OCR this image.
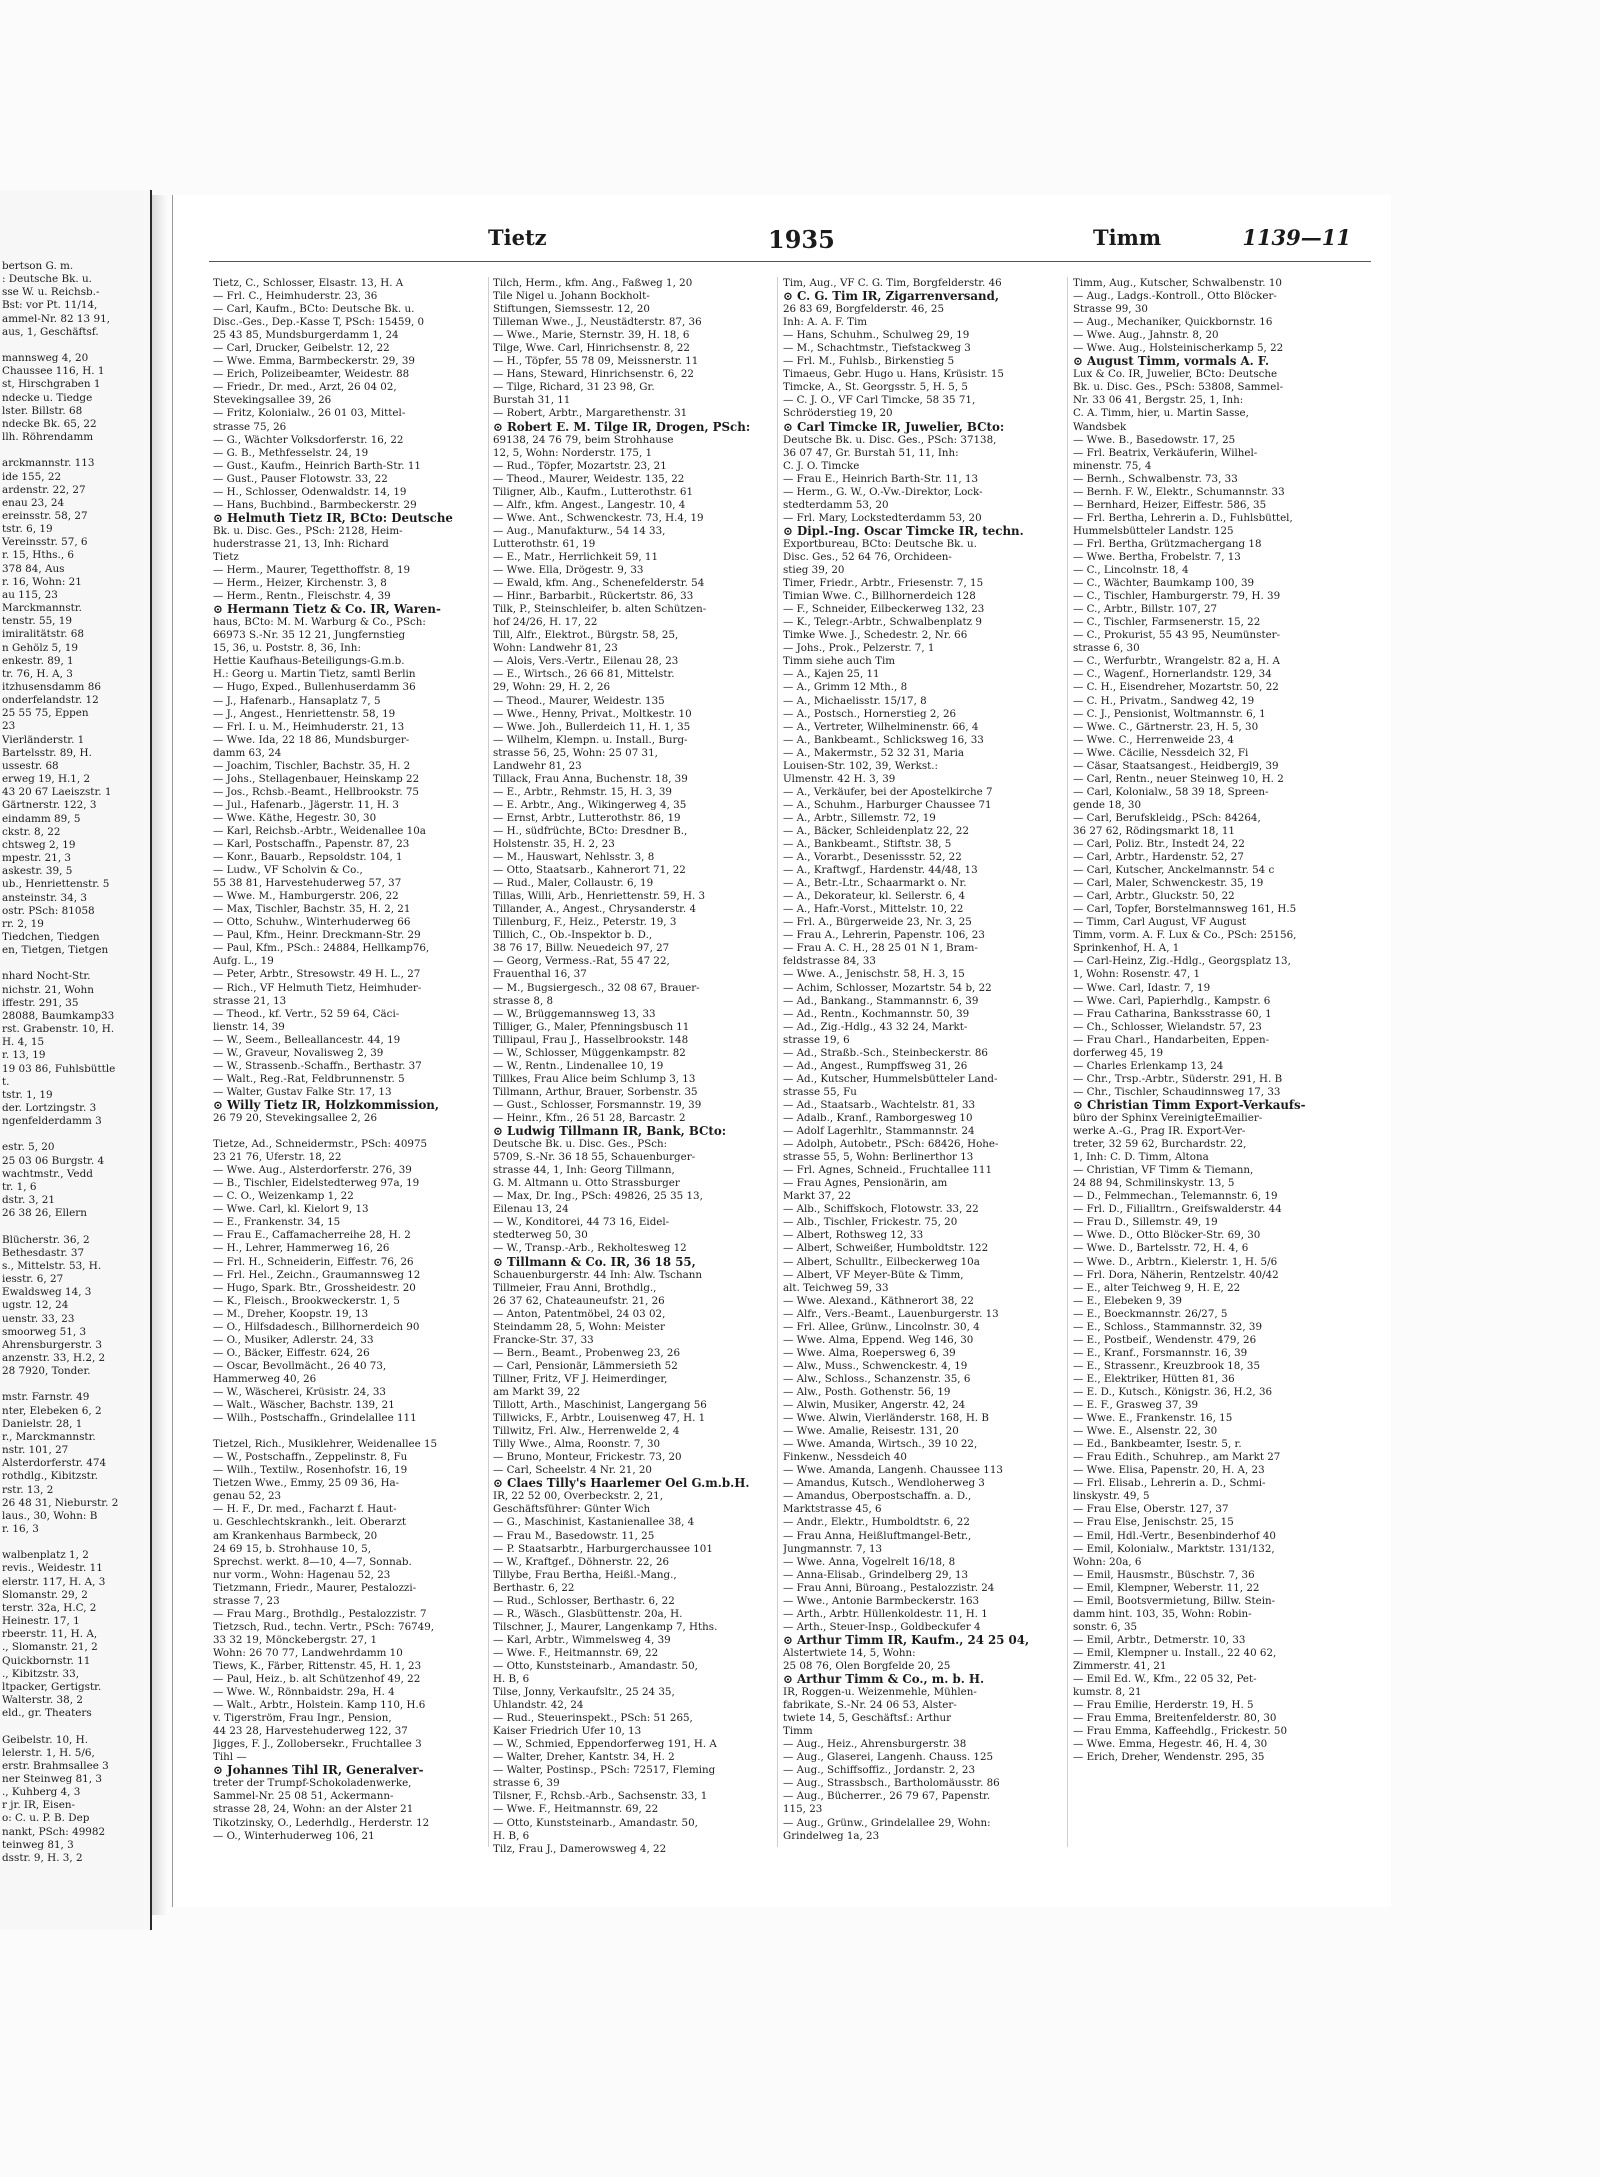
bertson G. m.
: Deutsche Bk. u.
sse W. u. Reichsb.-
Bst: vor Pt. 11/14,
ammel-Nr. 82 13 91,
aus, 1, Geschäftsf.

mannsweg 4, 20
Chaussee 116, H. 1
st, Hirschgraben 1
ndecke u. Tiedge
lster. Billstr. 68
ndecke Bk. 65, 22
llh. Röhrendamm

arckmannstr. 113
ide 155, 22
ardenstr. 22, 27
enau 23, 24
ereinsstr. 58, 27
tstr. 6, 19
Vereinsstr. 57, 6
r. 15, Hths., 6
378 84, Aus
r. 16, Wohn: 21
au 115, 23
Marckmannstr.
tenstr. 55, 19
imiralitätstr. 68
n Gehölz 5, 19
enkestr. 89, 1
tr. 76, H. A, 3
itzhusensdamm 86
onderfelandstr. 12
25 55 75, Eppen
23
Vierländerstr. 1
Bartelsstr. 89, H.
ussestr. 68
erweg 19, H.1, 2
43 20 67 Laeiszstr. 1
Gärtnerstr. 122, 3
eindamm 89, 5
ckstr. 8, 22
chtsweg 2, 19
mpestr. 21, 3
askestr. 39, 5
ub., Henriettenstr. 5
ansteinstr. 34, 3
ostr. PSch: 81058
rr. 2, 19
Tiedchen, Tiedgen
en, Tietgen, Tietgen

nhard Nocht-Str.
nichstr. 21, Wohn
iffestr. 291, 35
28088, Baumkamp33
rst. Grabenstr. 10, H.
H. 4, 15
r. 13, 19
19 03 86, Fuhlsbüttle
t.
tstr. 1, 19
der. Lortzingstr. 3
ngenfelderdamm 3

estr. 5, 20
25 03 06 Burgstr. 4
wachtmstr., Vedd
tr. 1, 6
dstr. 3, 21
26 38 26, Ellern

Blücherstr. 36, 2
Bethesdastr. 37
s., Mittelstr. 53, H.
iesstr. 6, 27
Ewaldsweg 14, 3
ugstr. 12, 24
uenstr. 33, 23
smoorweg 51, 3
Ahrensburgerstr. 3
anzenstr. 33, H.2, 2
28 7920, Tonder.

mstr. Farnstr. 49
nter, Elebeken 6, 2
Danielstr. 28, 1
r., Marckmannstr.
nstr. 101, 27
Alsterdorferstr. 474
rothdlg., Kibitzstr.
rstr. 13, 2
26 48 31, Nieburstr. 2
laus., 30, Wohn: B
r. 16, 3

walbenplatz 1, 2
revis., Weidestr. 11
elerstr. 117, H. A, 3
Slomanstr. 29, 2
terstr. 32a, H.C, 2
Heinestr. 17, 1
rbeerstr. 11, H. A,
., Slomanstr. 21, 2
Quickbornstr. 11
., Kibitzstr. 33,
ltpacker, Gertigstr.
Walterstr. 38, 2
eld., gr. Theaters

Geibelstr. 10, H.
lelerstr. 1, H. 5/6,
erstr. Brahmsallee 3
ner Steinweg 81, 3
., Kuhberg 4, 3
r jr. IR, Eisen-
o: C. u. P. B. Dep
nankt, PSch: 49982
teinweg 81, 3
dsstr. 9, H. 3, 2
Tietz	1935	Timm	1139—11
Tietz, C., Schlosser, Elsastr. 13, H. A
— Frl. C., Heimhuderstr. 23, 36
— Carl, Kaufm., BCto: Deutsche Bk. u.
Disc.-Ges., Dep.-Kasse T, PSch: 15459, 0
25 43 85, Mundsburgerdamm 1, 24
— Carl, Drucker, Geibelstr. 12, 22
— Wwe. Emma, Barmbeckerstr. 29, 39
— Erich, Polizeibeamter, Weidestr. 88
— Friedr., Dr. med., Arzt, 26 04 02,
Stevekingsallee 39, 26
— Fritz, Kolonialw., 26 01 03, Mittel-
strasse 75, 26
— G., Wächter Volksdorferstr. 16, 22
— G. B., Methfesselstr. 24, 19
— Gust., Kaufm., Heinrich Barth-Str. 11
— Gust., Pauser Flotowstr. 33, 22
— H., Schlosser, Odenwaldstr. 14, 19
— Hans, Buchbind., Barmbeckerstr. 29
⊙ Helmuth Tietz IR, BCto: Deutsche
Bk. u. Disc. Ges., PSch: 2128, Heim-
huderstrasse 21, 13, Inh: Richard
Tietz
— Herm., Maurer, Tegetthoffstr. 8, 19
— Herm., Heizer, Kirchenstr. 3, 8
— Herm., Rentn., Fleischstr. 4, 39
⊙ Hermann Tietz & Co. IR, Waren-
haus, BCto: M. M. Warburg & Co., PSch:
66973 S.-Nr. 35 12 21, Jungfernstieg
15, 36, u. Poststr. 8, 36, Inh:
Hettie Kaufhaus-Beteiligungs-G.m.b.
H.: Georg u. Martin Tietz, samtl Berlin
— Hugo, Exped., Bullenhuserdamm 36
— J., Hafenarb., Hansaplatz 7, 5
— J., Angest., Henriettenstr. 58, 19
— Frl. I. u. M., Heimhuderstr. 21, 13
— Wwe. Ida, 22 18 86, Mundsburger-
damm 63, 24
— Joachim, Tischler, Bachstr. 35, H. 2
— Johs., Stellagenbauer, Heinskamp 22
— Jos., Rchsb.-Beamt., Hellbrookstr. 75
— Jul., Hafenarb., Jägerstr. 11, H. 3
— Wwe. Käthe, Hegestr. 30, 30
— Karl, Reichsb.-Arbtr., Weidenallee 10a
— Karl, Postschaffn., Papenstr. 87, 23
— Konr., Bauarb., Repsoldstr. 104, 1
— Ludw., VF Scholvin & Co.,
55 38 81, Harvestehuderweg 57, 37
— Wwe. M., Hamburgerstr. 206, 22
— Max, Tischler, Bachstr. 35, H. 2, 21
— Otto, Schuhw., Winterhuderweg 66
— Paul, Kfm., Heinr. Dreckmann-Str. 29
— Paul, Kfm., PSch.: 24884, Hellkamp76,
Aufg. L., 19
— Peter, Arbtr., Stresowstr. 49 H. L., 27
— Rich., VF Helmuth Tietz, Heimhuder-
strasse 21, 13
— Theod., kf. Vertr., 52 59 64, Cäci-
lienstr. 14, 39
— W., Seem., Belleallancestr. 44, 19
— W., Graveur, Novalisweg 2, 39
— W., Strassenb.-Schaffn., Berthastr. 37
— Walt., Reg.-Rat, Feldbrunnenstr. 5
— Walter, Gustav Falke Str. 17, 13
⊙ Willy Tietz IR, Holzkommission,
26 79 20, Stevekingsallee 2, 26

Tietze, Ad., Schneidermstr., PSch: 40975
23 21 76, Uferstr. 18, 22
— Wwe. Aug., Alsterdorferstr. 276, 39
— B., Tischler, Eidelstedterweg 97a, 19
— C. O., Weizenkamp 1, 22
— Wwe. Carl, kl. Kielort 9, 13
— E., Frankenstr. 34, 15
— Frau E., Caffamacherreihe 28, H. 2
— H., Lehrer, Hammerweg 16, 26
— Frl. H., Schneiderin, Eiffestr. 76, 26
— Frl. Hel., Zeichn., Graumannsweg 12
— Hugo, Spark. Btr., Grossheidestr. 20
— K., Fleisch., Brookweckerstr. 1, 5
— M., Dreher, Koopstr. 19, 13
— O., Hilfsdadesch., Billhornerdeich 90
— O., Musiker, Adlerstr. 24, 33
— O., Bäcker, Eiffestr. 624, 26
— Oscar, Bevollmächt., 26 40 73,
Hammerweg 40, 26
— W., Wäscherei, Krüsistr. 24, 33
— Walt., Wäscher, Bachstr. 139, 21
— Wilh., Postschaffn., Grindelallee 111

Tietzel, Rich., Musiklehrer, Weidenallee 15
— W., Postschaffn., Zeppelinstr. 8, Fu
— Wilh., Textilw., Rosenhofstr. 16, 19
Tietzen Wwe., Emmy, 25 09 36, Ha-
genau 52, 23
— H. F., Dr. med., Facharzt f. Haut-
u. Geschlechtskrankh., leit. Oberarzt
am Krankenhaus Barmbeck, 20
24 69 15, b. Strohhause 10, 5,
Sprechst. werkt. 8—10, 4—7, Sonnab.
nur vorm., Wohn: Hagenau 52, 23
Tietzmann, Friedr., Maurer, Pestalozzi-
strasse 7, 23
— Frau Marg., Brothdlg., Pestalozzistr. 7
Tietzsch, Rud., techn. Vertr., PSch: 76749,
33 32 19, Mönckebergstr. 27, 1
Wohn: 26 70 77, Landwehrdamm 10
Tiews, K., Färber, Rittenstr. 45, H. 1, 23
— Paul, Heiz., b. alt Schützenhof 49, 22
— Wwe. W., Rönnbaidstr. 29a, H. 4
— Walt., Arbtr., Holstein. Kamp 110, H.6
v. Tigerström, Frau Ingr., Pension,
44 23 28, Harvestehuderweg 122, 37
Jigges, F. J., Zollobersekr., Fruchtallee 3
Tihl —
⊙ Johannes Tihl IR, Generalver-
treter der Trumpf-Schokoladenwerke,
Sammel-Nr. 25 08 51, Ackermann-
strasse 28, 24, Wohn: an der Alster 21
Tikotzinsky, O., Lederhdlg., Herderstr. 12
— O., Winterhuderweg 106, 21
Tilch, Herm., kfm. Ang., Faßweg 1, 20
Tile Nigel u. Johann Bockholt-
Stiftungen, Siemssestr. 12, 20
Tilleman Wwe., J., Neustädterstr. 87, 36
— Wwe., Marie, Sternstr. 39, H. 18, 6
Tilge, Wwe. Carl, Hinrichsenstr. 8, 22
— H., Töpfer, 55 78 09, Meissnerstr. 11
— Hans, Steward, Hinrichsenstr. 6, 22
— Tilge, Richard, 31 23 98, Gr.
Burstah 31, 11
— Robert, Arbtr., Margarethenstr. 31
⊙ Robert E. M. Tilge IR, Drogen, PSch:
69138, 24 76 79, beim Strohhause
12, 5, Wohn: Norderstr. 175, 1
— Rud., Töpfer, Mozartstr. 23, 21
— Theod., Maurer, Weidestr. 135, 22
Tiligner, Alb., Kaufm., Lutterothstr. 61
— Alfr., kfm. Angest., Langestr. 10, 4
— Wwe. Ant., Schwenckestr. 73, H.4, 19
— Aug., Manufakturw., 54 14 33,
Lutterothstr. 61, 19
— E., Matr., Herrlichkeit 59, 11
— Wwe. Ella, Drögestr. 9, 33
— Ewald, kfm. Ang., Schenefelderstr. 54
— Hinr., Barbarbit., Rückertstr. 86, 33
Tilk, P., Steinschleifer, b. alten Schützen-
hof 24/26, H. 17, 22
Till, Alfr., Elektrot., Bürgstr. 58, 25,
Wohn: Landwehr 81, 23
— Alois, Vers.-Vertr., Eilenau 28, 23
— E., Wirtsch., 26 66 81, Mittelstr.
29, Wohn: 29, H. 2, 26
— Theod., Maurer, Weidestr. 135
— Wwe., Henny, Privat., Moltkestr. 10
— Wwe. Joh., Bullerdeich 11, H. 1, 35
— Wilhelm, Klempn. u. Install., Burg-
strasse 56, 25, Wohn: 25 07 31,
Landwehr 81, 23
Tillack, Frau Anna, Buchenstr. 18, 39
— E., Arbtr., Rehmstr. 15, H. 3, 39
— E. Arbtr., Ang., Wikingerweg 4, 35
— Ernst, Arbtr., Lutterothstr. 86, 19
— H., südfrüchte, BCto: Dresdner B.,
Holstenstr. 35, H. 2, 23
— M., Hauswart, Nehlsstr. 3, 8
— Otto, Staatsarb., Kahnerort 71, 22
— Rud., Maler, Collaustr. 6, 19
Tillas, Willi, Arb., Henriettenstr. 59, H. 3
Tillander, A., Angest., Chrysanderstr. 4
Tillenburg, F., Heiz., Peterstr. 19, 3
Tillich, C., Ob.-Inspektor b. D.,
38 76 17, Billw. Neuedeich 97, 27
— Georg, Vermess.-Rat, 55 47 22,
Frauenthal 16, 37
— M., Bugsiergesch., 32 08 67, Brauer-
strasse 8, 8
— W., Brüggemannsweg 13, 33
Tilliger, G., Maler, Pfenningsbusch 11
Tillipaul, Frau J., Hasselbrookstr. 148
— W., Schlosser, Müggenkampstr. 82
— W., Rentn., Lindenallee 10, 19
Tillkes, Frau Alice beim Schlump 3, 13
Tillmann, Arthur, Brauer, Sorbenstr. 35
— Gust., Schlosser, Forsmannstr. 19, 39
— Heinr., Kfm., 26 51 28, Barcastr. 2
⊙ Ludwig Tillmann IR, Bank, BCto:
Deutsche Bk. u. Disc. Ges., PSch:
5709, S.-Nr. 36 18 55, Schauenburger-
strasse 44, 1, Inh: Georg Tillmann,
G. M. Altmann u. Otto Strassburger
— Max, Dr. Ing., PSch: 49826, 25 35 13,
Eilenau 13, 24
— W., Konditorei, 44 73 16, Eidel-
stedterweg 50, 30
— W., Transp.-Arb., Rekholtesweg 12
⊙ Tillmann & Co. IR, 36 18 55,
Schauenburgerstr. 44 Inh: Alw. Tschann
Tillmeier, Frau Anni, Brothdlg.,
26 37 62, Chateauneufstr. 21, 26
— Anton, Patentmöbel, 24 03 02,
Steindamm 28, 5, Wohn: Meister
Francke-Str. 37, 33
— Bern., Beamt., Probenweg 23, 26
— Carl, Pensionär, Lämmersieth 52
Tillner, Fritz, VF J. Heimerdinger,
am Markt 39, 22
Tillott, Arth., Maschinist, Langergang 56
Tillwicks, F., Arbtr., Louisenweg 47, H. 1
Tillwitz, Frl. Alw., Herrenwelde 2, 4
Tilly Wwe., Alma, Roonstr. 7, 30
— Bruno, Monteur, Frickestr. 73, 20
— Carl, Scheelstr. 4 Nr. 21, 20
⊙ Claes Tilly's Haarlemer Oel G.m.b.H.
IR, 22 52 00, Overbeckstr. 2, 21,
Geschäftsführer: Günter Wich
— G., Maschinist, Kastanienallee 38, 4
— Frau M., Basedowstr. 11, 25
— P. Staatsarbtr., Harburgerchaussee 101
— W., Kraftgef., Döhnerstr. 22, 26
Tillybe, Frau Bertha, Heißl.-Mang.,
Berthastr. 6, 22
— Rud., Schlosser, Berthastr. 6, 22
— R., Wäsch., Glasbüttenstr. 20a, H.
Tilschner, J., Maurer, Langenkamp 7, Hths.
— Karl, Arbtr., Wimmelsweg 4, 39
— Wwe. F., Heitmannstr. 69, 22
— Otto, Kunststeinarb., Amandastr. 50,
H. B, 6
Tilse, Jonny, Verkaufsltr., 25 24 35,
Uhlandstr. 42, 24
— Rud., Steuerinspekt., PSch: 51 265,
Kaiser Friedrich Ufer 10, 13
— W., Schmied, Eppendorferweg 191, H. A
— Walter, Dreher, Kantstr. 34, H. 2
— Walter, Postinsp., PSch: 72517, Fleming
strasse 6, 39
Tilsner, F., Rchsb.-Arb., Sachsenstr. 33, 1
— Wwe. F., Heitmannstr. 69, 22
— Otto, Kunststeinarb., Amandastr. 50,
H. B, 6
Tilz, Frau J., Damerowsweg 4, 22
Tim, Aug., VF C. G. Tim, Borgfelderstr. 46
⊙ C. G. Tim IR, Zigarrenversand,
26 83 69, Borgfelderstr. 46, 25
Inh: A. A. F. Tim
— Hans, Schuhm., Schulweg 29, 19
— M., Schachtmstr., Tiefstackweg 3
— Frl. M., Fuhlsb., Birkenstieg 5
Timaeus, Gebr. Hugo u. Hans, Krüsistr. 15
Timcke, A., St. Georgsstr. 5, H. 5, 5
— C. J. O., VF Carl Timcke, 58 35 71,
Schröderstieg 19, 20
⊙ Carl Timcke IR, Juwelier, BCto:
Deutsche Bk. u. Disc. Ges., PSch: 37138,
36 07 47, Gr. Burstah 51, 11, Inh:
C. J. O. Timcke
— Frau E., Heinrich Barth-Str. 11, 13
— Herm., G. W., O.-Vw.-Direktor, Lock-
stedterdamm 53, 20
— Frl. Mary, Lockstedterdamm 53, 20
⊙ Dipl.-Ing. Oscar Timcke IR, techn.
Exportbureau, BCto: Deutsche Bk. u.
Disc. Ges., 52 64 76, Orchideen-
stieg 39, 20
Timer, Friedr., Arbtr., Friesenstr. 7, 15
Timian Wwe. C., Billhornerdeich 128
— F., Schneider, Eilbeckerweg 132, 23
— K., Telegr.-Arbtr., Schwalbenplatz 9
Timke Wwe. J., Schedestr. 2, Nr. 66
— Johs., Prok., Pelzerstr. 7, 1
Timm siehe auch Tim
— A., Kajen 25, 11
— A., Grimm 12 Mth., 8
— A., Michaelisstr. 15/17, 8
— A., Postsch., Hornerstieg 2, 26
— A., Vertreter, Wilhelminenstr. 66, 4
— A., Bankbeamt., Schlicksweg 16, 33
— A., Makermstr., 52 32 31, Maria
Louisen-Str. 102, 39, Werkst.:
Ulmenstr. 42 H. 3, 39
— A., Verkäufer, bei der Apostelkirche 7
— A., Schuhm., Harburger Chaussee 71
— A., Arbtr., Sillemstr. 72, 19
— A., Bäcker, Schleidenplatz 22, 22
— A., Bankbeamt., Stiftstr. 38, 5
— A., Vorarbt., Desenissstr. 52, 22
— A., Kraftwgf., Hardenstr. 44/48, 13
— A., Betr.-Ltr., Schaarmarkt o. Nr.
— A., Dekorateur, kl. Seilerstr. 6, 4
— A., Hafr.-Vorst., Mittelstr. 10, 22
— Frl. A., Bürgerweide 23, Nr. 3, 25
— Frau A., Lehrerin, Papenstr. 106, 23
— Frau A. C. H., 28 25 01 N 1, Bram-
feldstrasse 84, 33
— Wwe. A., Jenischstr. 58, H. 3, 15
— Achim, Schlosser, Mozartstr. 54 b, 22
— Ad., Bankang., Stammannstr. 6, 39
— Ad., Rentn., Kochmannstr. 50, 39
— Ad., Zig.-Hdlg., 43 32 24, Markt-
strasse 19, 6
— Ad., Straßb.-Sch., Steinbeckerstr. 86
— Ad., Angest., Rumpffsweg 31, 26
— Ad., Kutscher, Hummelsbütteler Land-
strasse 55, Fu
— Ad., Staatsarb., Wachtelstr. 81, 33
— Adalb., Kranf., Ramborgesweg 10
— Adolf Lagerhltr., Stammannstr. 24
— Adolph, Autobetr., PSch: 68426, Hohe-
strasse 55, 5, Wohn: Berlinerthor 13
— Frl. Agnes, Schneid., Fruchtallee 111
— Frau Agnes, Pensionärin, am
Markt 37, 22
— Alb., Schiffskoch, Flotowstr. 33, 22
— Alb., Tischler, Frickestr. 75, 20
— Albert, Rothsweg 12, 33
— Albert, Schweißer, Humboldtstr. 122
— Albert, Schulltr., Eilbeckerweg 10a
— Albert, VF Meyer-Büte & Timm,
alt. Teichweg 59, 33
— Wwe. Alexand., Käthnerort 38, 22
— Alfr., Vers.-Beamt., Lauenburgerstr. 13
— Frl. Allee, Grünw., Lincolnstr. 30, 4
— Wwe. Alma, Eppend. Weg 146, 30
— Wwe. Alma, Roepersweg 6, 39
— Alw., Muss., Schwenckestr. 4, 19
— Alw., Schloss., Schanzenstr. 35, 6
— Alw., Posth. Gothenstr. 56, 19
— Alwin, Musiker, Angerstr. 42, 24
— Wwe. Alwin, Vierländerstr. 168, H. B
— Wwe. Amalie, Reisestr. 131, 20
— Wwe. Amanda, Wirtsch., 39 10 22,
Finkenw., Nessdeich 40
— Wwe. Amanda, Langenh. Chaussee 113
— Amandus, Kutsch., Wendloherweg 3
— Amandus, Oberpostschaffn. a. D.,
Marktstrasse 45, 6
— Andr., Elektr., Humboldtstr. 6, 22
— Frau Anna, Heißluftmangel-Betr.,
Jungmannstr. 7, 13
— Wwe. Anna, Vogelrelt 16/18, 8
— Anna-Elisab., Grindelberg 29, 13
— Frau Anni, Büroang., Pestalozzistr. 24
— Wwe., Antonie Barmbeckerstr. 163
— Arth., Arbtr. Hüllenkoldestr. 11, H. 1
— Arth., Steuer-Insp., Goldbeckufer 4
⊙ Arthur Timm IR, Kaufm., 24 25 04,
Alstertwiete 14, 5, Wohn:
25 08 76, Olen Borgfelde 20, 25
⊙ Arthur Timm & Co., m. b. H.
IR, Roggen-u. Weizenmehle, Mühlen-
fabrikate, S.-Nr. 24 06 53, Alster-
twiete 14, 5, Geschäftsf.: Arthur
Timm
— Aug., Heiz., Ahrensburgerstr. 38
— Aug., Glaserei, Langenh. Chauss. 125
— Aug., Schiffsoffiz., Jordanstr. 2, 23
— Aug., Strassbsch., Bartholomäusstr. 86
— Aug., Bücherrer., 26 79 67, Papenstr.
115, 23
— Aug., Grünw., Grindelallee 29, Wohn:
Grindelweg 1a, 23
Timm, Aug., Kutscher, Schwalbenstr. 10
— Aug., Ladgs.-Kontroll., Otto Blöcker-
Strasse 99, 30
— Aug., Mechaniker, Quickbornstr. 16
— Wwe. Aug., Jahnstr. 8, 20
— Wwe. Aug., Holsteinischerkamp 5, 22
⊙ August Timm, vormals A. F.
Lux & Co. IR, Juwelier, BCto: Deutsche
Bk. u. Disc. Ges., PSch: 53808, Sammel-
Nr. 33 06 41, Bergstr. 25, 1, Inh:
C. A. Timm, hier, u. Martin Sasse,
Wandsbek
— Wwe. B., Basedowstr. 17, 25
— Frl. Beatrix, Verkäuferin, Wilhel-
minenstr. 75, 4
— Bernh., Schwalbenstr. 73, 33
— Bernh. F. W., Elektr., Schumannstr. 33
— Bernhard, Heizer, Eiffestr. 586, 35
— Frl. Bertha, Lehrerin a. D., Fuhlsbüttel,
Hummelsbütteler Landstr. 125
— Frl. Bertha, Grützmachergang 18
— Wwe. Bertha, Frobelstr. 7, 13
— C., Lincolnstr. 18, 4
— C., Wächter, Baumkamp 100, 39
— C., Tischler, Hamburgerstr. 79, H. 39
— C., Arbtr., Billstr. 107, 27
— C., Tischler, Farmsenerstr. 15, 22
— C., Prokurist, 55 43 95, Neumünster-
strasse 6, 30
— C., Werfurbtr., Wrangelstr. 82 a, H. A
— C., Wagenf., Hornerlandstr. 129, 34
— C. H., Eisendreher, Mozartstr. 50, 22
— C. H., Privatm., Sandweg 42, 19
— C. J., Pensionist, Woltmannstr. 6, 1
— Wwe. C., Gärtnerstr. 23, H. 5, 30
— Wwe. C., Herrenweide 23, 4
— Wwe. Cäcilie, Nessdeich 32, Fi
— Cäsar, Staatsangest., Heidbergl9, 39
— Carl, Rentn., neuer Steinweg 10, H. 2
— Carl, Kolonialw., 58 39 18, Spreen-
gende 18, 30
— Carl, Berufskleidg., PSch: 84264,
36 27 62, Rödingsmarkt 18, 11
— Carl, Poliz. Btr., Instedt 24, 22
— Carl, Arbtr., Hardenstr. 52, 27
— Carl, Kutscher, Anckelmannstr. 54 c
— Carl, Maler, Schwenckestr. 35, 19
— Carl, Arbtr., Gluckstr. 50, 22
— Carl, Topfer, Borstelmannsweg 161, H.5
— Timm, Carl August, VF August
Timm, vorm. A. F. Lux & Co., PSch: 25156,
Sprinkenhof, H. A, 1
— Carl-Heinz, Zig.-Hdlg., Georgsplatz 13,
1, Wohn: Rosenstr. 47, 1
— Wwe. Carl, Idastr. 7, 19
— Wwe. Carl, Papierhdlg., Kampstr. 6
— Frau Catharina, Banksstrasse 60, 1
— Ch., Schlosser, Wielandstr. 57, 23
— Frau Charl., Handarbeiten, Eppen-
dorferweg 45, 19
— Charles Erlenkamp 13, 24
— Chr., Trsp.-Arbtr., Süderstr. 291, H. B
— Chr., Tischler, Schaudinnsweg 17, 33
⊙ Christian Timm Export-Verkaufs-
büro der Sphinx VereinigteEmailier-
werke A.-G., Prag IR. Export-Ver-
treter, 32 59 62, Burchardstr. 22,
1, Inh: C. D. Timm, Altona
— Christian, VF Timm & Tiemann,
24 88 94, Schmilinskystr. 13, 5
— D., Felmmechan., Telemannstr. 6, 19
— Frl. D., Filialltrn., Greifswalderstr. 44
— Frau D., Sillemstr. 49, 19
— Wwe. D., Otto Blöcker-Str. 69, 30
— Wwe. D., Bartelsstr. 72, H. 4, 6
— Wwe. D., Arbtrn., Kielerstr. 1, H. 5/6
— Frl. Dora, Näherin, Rentzelstr. 40/42
— E., alter Teichweg 9, H. E, 22
— E., Elebeken 9, 39
— E., Boeckmannstr. 26/27, 5
— E., Schloss., Stammannstr. 32, 39
— E., Postbeif., Wendenstr. 479, 26
— E., Kranf., Forsmannstr. 16, 39
— E., Strassenr., Kreuzbrook 18, 35
— E., Elektriker, Hütten 81, 36
— E. D., Kutsch., Königstr. 36, H.2, 36
— E. F., Grasweg 37, 39
— Wwe. E., Frankenstr. 16, 15
— Wwe. E., Alsenstr. 22, 30
— Ed., Bankbeamter, Isestr. 5, r.
— Frau Edith., Schuhrep., am Markt 27
— Wwe. Elisa, Papenstr. 20, H. A, 23
— Frl. Elisab., Lehrerin a. D., Schmi-
linskystr. 49, 5
— Frau Else, Oberstr. 127, 37
— Frau Else, Jenischstr. 25, 15
— Emil, Hdl.-Vertr., Besenbinderhof 40
— Emil, Kolonialw., Marktstr. 131/132,
Wohn: 20a, 6
— Emil, Hausmstr., Büschstr. 7, 36
— Emil, Klempner, Weberstr. 11, 22
— Emil, Bootsvermietung, Billw. Stein-
damm hint. 103, 35, Wohn: Robin-
sonstr. 6, 35
— Emil, Arbtr., Detmerstr. 10, 33
— Emil, Klempner u. Install., 22 40 62,
Zimmerstr. 41, 21
— Emil Ed. W., Kfm., 22 05 32, Pet-
kumstr. 8, 21
— Frau Emilie, Herderstr. 19, H. 5
— Frau Emma, Breitenfelderstr. 80, 30
— Frau Emma, Kaffeehdlg., Frickestr. 50
— Wwe. Emma, Hegestr. 46, H. 4, 30
— Erich, Dreher, Wendenstr. 295, 35
